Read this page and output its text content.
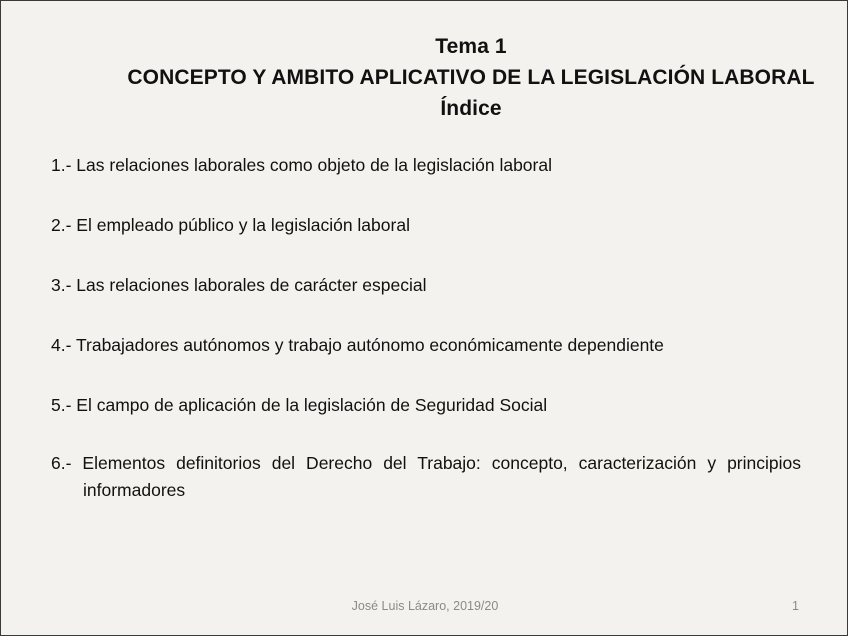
Tema 1
CONCEPTO Y AMBITO APLICATIVO DE LA LEGISLACIÓN LABORAL
Índice
1.- Las relaciones laborales como objeto de la legislación laboral
2.- El empleado público y la legislación laboral
3.- Las relaciones laborales de carácter especial
4.- Trabajadores autónomos y trabajo autónomo económicamente dependiente
5.- El campo de aplicación de la legislación de Seguridad Social
6.- Elementos definitorios del Derecho del Trabajo: concepto, caracterización y principios informadores
José Luis Lázaro, 2019/20	1
